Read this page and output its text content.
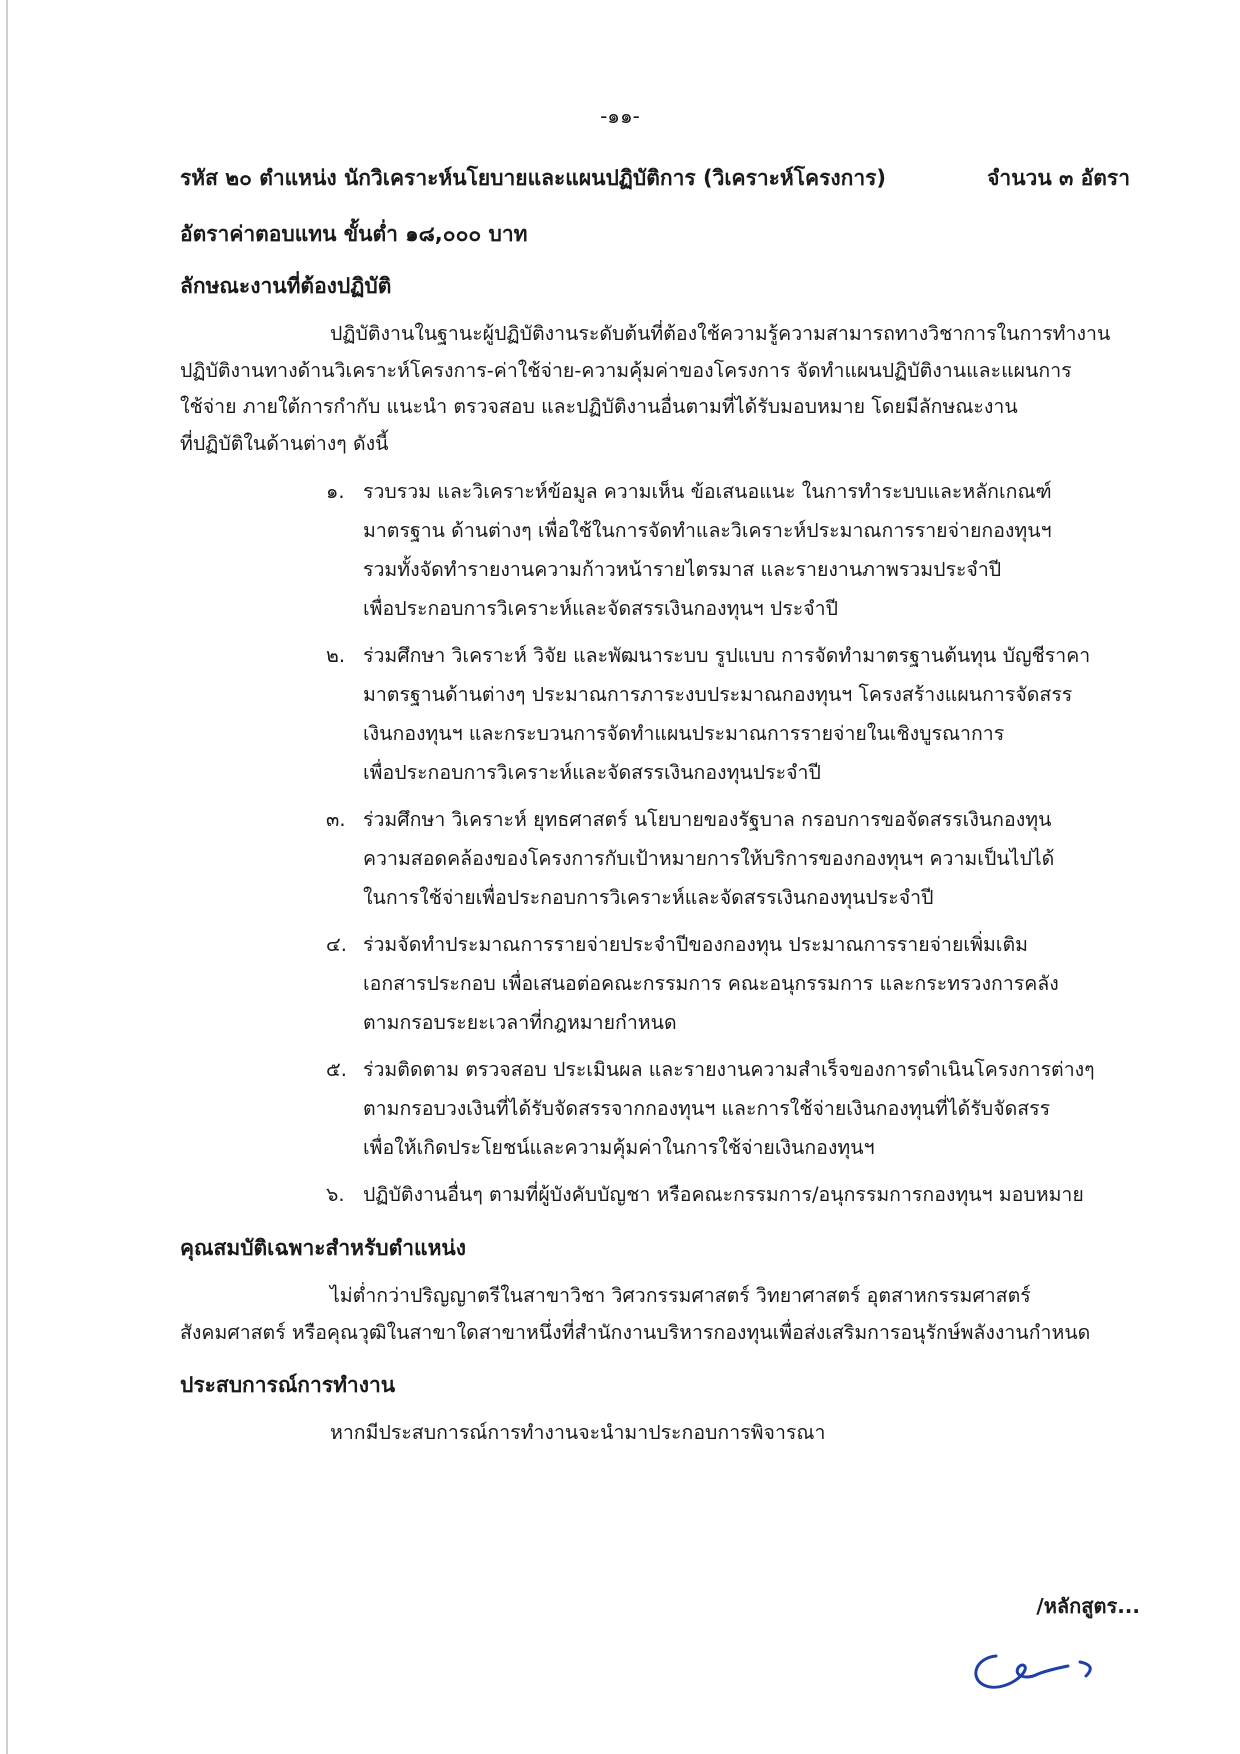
-๑๑-
รหัส ๒๐ ตำแหน่ง นักวิเคราะห์นโยบายและแผนปฏิบัติการ (วิเคราะห์โครงการ)	จำนวน ๓ อัตรา
อัตราค่าตอบแทน ขั้นต่ำ ๑๘,๐๐๐ บาท
ลักษณะงานที่ต้องปฏิบัติ
ปฏิบัติงานในฐานะผู้ปฏิบัติงานระดับต้นที่ต้องใช้ความรู้ความสามารถทางวิชาการในการทำงาน
ปฏิบัติงานทางด้านวิเคราะห์โครงการ-ค่าใช้จ่าย-ความคุ้มค่าของโครงการ จัดทำแผนปฏิบัติงานและแผนการ
ใช้จ่าย ภายใต้การกำกับ แนะนำ ตรวจสอบ และปฏิบัติงานอื่นตามที่ได้รับมอบหมาย โดยมีลักษณะงาน
ที่ปฏิบัติในด้านต่างๆ ดังนี้
๑. รวบรวม และวิเคราะห์ข้อมูล ความเห็น ข้อเสนอแนะ ในการทำระบบและหลักเกณฑ์
มาตรฐาน ด้านต่างๆ เพื่อใช้ในการจัดทำและวิเคราะห์ประมาณการรายจ่ายกองทุนฯ
รวมทั้งจัดทำรายงานความก้าวหน้ารายไตรมาส และรายงานภาพรวมประจำปี
เพื่อประกอบการวิเคราะห์และจัดสรรเงินกองทุนฯ ประจำปี
๒. ร่วมศึกษา วิเคราะห์ วิจัย และพัฒนาระบบ รูปแบบ การจัดทำมาตรฐานต้นทุน บัญชีราคา
มาตรฐานด้านต่างๆ ประมาณการภาระงบประมาณกองทุนฯ โครงสร้างแผนการจัดสรร
เงินกองทุนฯ และกระบวนการจัดทำแผนประมาณการรายจ่ายในเชิงบูรณาการ
เพื่อประกอบการวิเคราะห์และจัดสรรเงินกองทุนประจำปี
๓. ร่วมศึกษา วิเคราะห์ ยุทธศาสตร์ นโยบายของรัฐบาล กรอบการขอจัดสรรเงินกองทุน
ความสอดคล้องของโครงการกับเป้าหมายการให้บริการของกองทุนฯ ความเป็นไปได้
ในการใช้จ่ายเพื่อประกอบการวิเคราะห์และจัดสรรเงินกองทุนประจำปี
๔. ร่วมจัดทำประมาณการรายจ่ายประจำปีของกองทุน ประมาณการรายจ่ายเพิ่มเติม
เอกสารประกอบ เพื่อเสนอต่อคณะกรรมการ คณะอนุกรรมการ และกระทรวงการคลัง
ตามกรอบระยะเวลาที่กฎหมายกำหนด
๕. ร่วมติดตาม ตรวจสอบ ประเมินผล และรายงานความสำเร็จของการดำเนินโครงการต่างๆ
ตามกรอบวงเงินที่ได้รับจัดสรรจากกองทุนฯ และการใช้จ่ายเงินกองทุนที่ได้รับจัดสรร
เพื่อให้เกิดประโยชน์และความคุ้มค่าในการใช้จ่ายเงินกองทุนฯ
๖. ปฏิบัติงานอื่นๆ ตามที่ผู้บังคับบัญชา หรือคณะกรรมการ/อนุกรรมการกองทุนฯ มอบหมาย
คุณสมบัติเฉพาะสำหรับตำแหน่ง
ไม่ต่ำกว่าปริญญาตรีในสาขาวิชา วิศวกรรมศาสตร์ วิทยาศาสตร์ อุตสาหกรรมศาสตร์
สังคมศาสตร์ หรือคุณวุฒิในสาขาใดสาขาหนึ่งที่สำนักงานบริหารกองทุนเพื่อส่งเสริมการอนุรักษ์พลังงานกำหนด
ประสบการณ์การทำงาน
หากมีประสบการณ์การทำงานจะนำมาประกอบการพิจารณา
/หลักสูตร...
